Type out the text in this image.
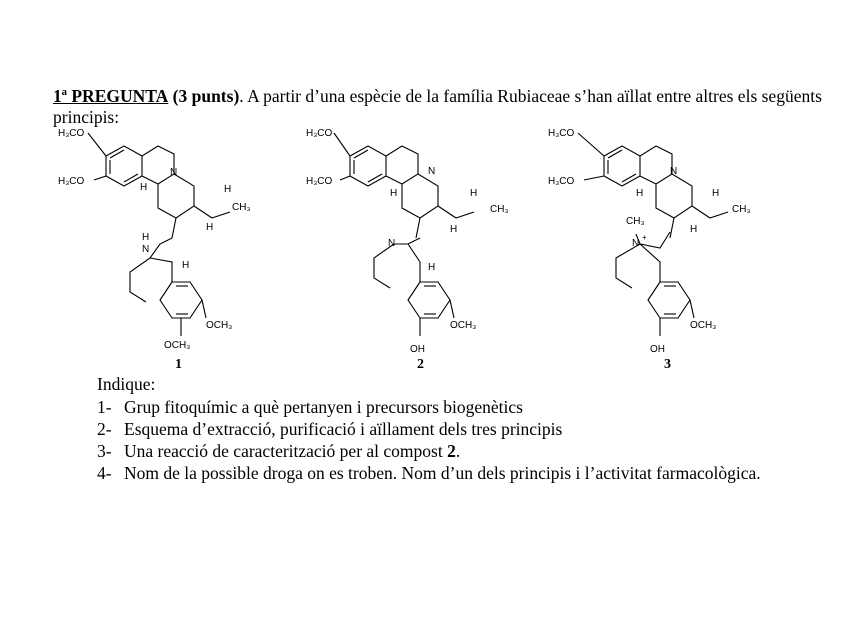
1ª PREGUNTA (3 punts). A partir d’una espècie de la família Rubiaceae s’han aïllat entre altres els següents principis:
H₃CO
H₃CO
N
H	H
H
CH₃
H
N
H
OCH₃
OCH₃
1
H₃CO
H₃CO
N
H	H
H
CH₃
N
H
OCH₃
OH
2
H₃CO
H₃CO
N
H	H
H
CH₃
CH₃
N
+
OCH₃
OH
3
Indique:
1- Grup fitoquímic a què pertanyen i precursors biogenètics
2- Esquema d’extracció, purificació i aïllament dels tres principis
3- Una reacció de caracterització per al compost 2.
4- Nom de la possible droga on es troben. Nom d’un dels principis i l’activitat farmacològica.
